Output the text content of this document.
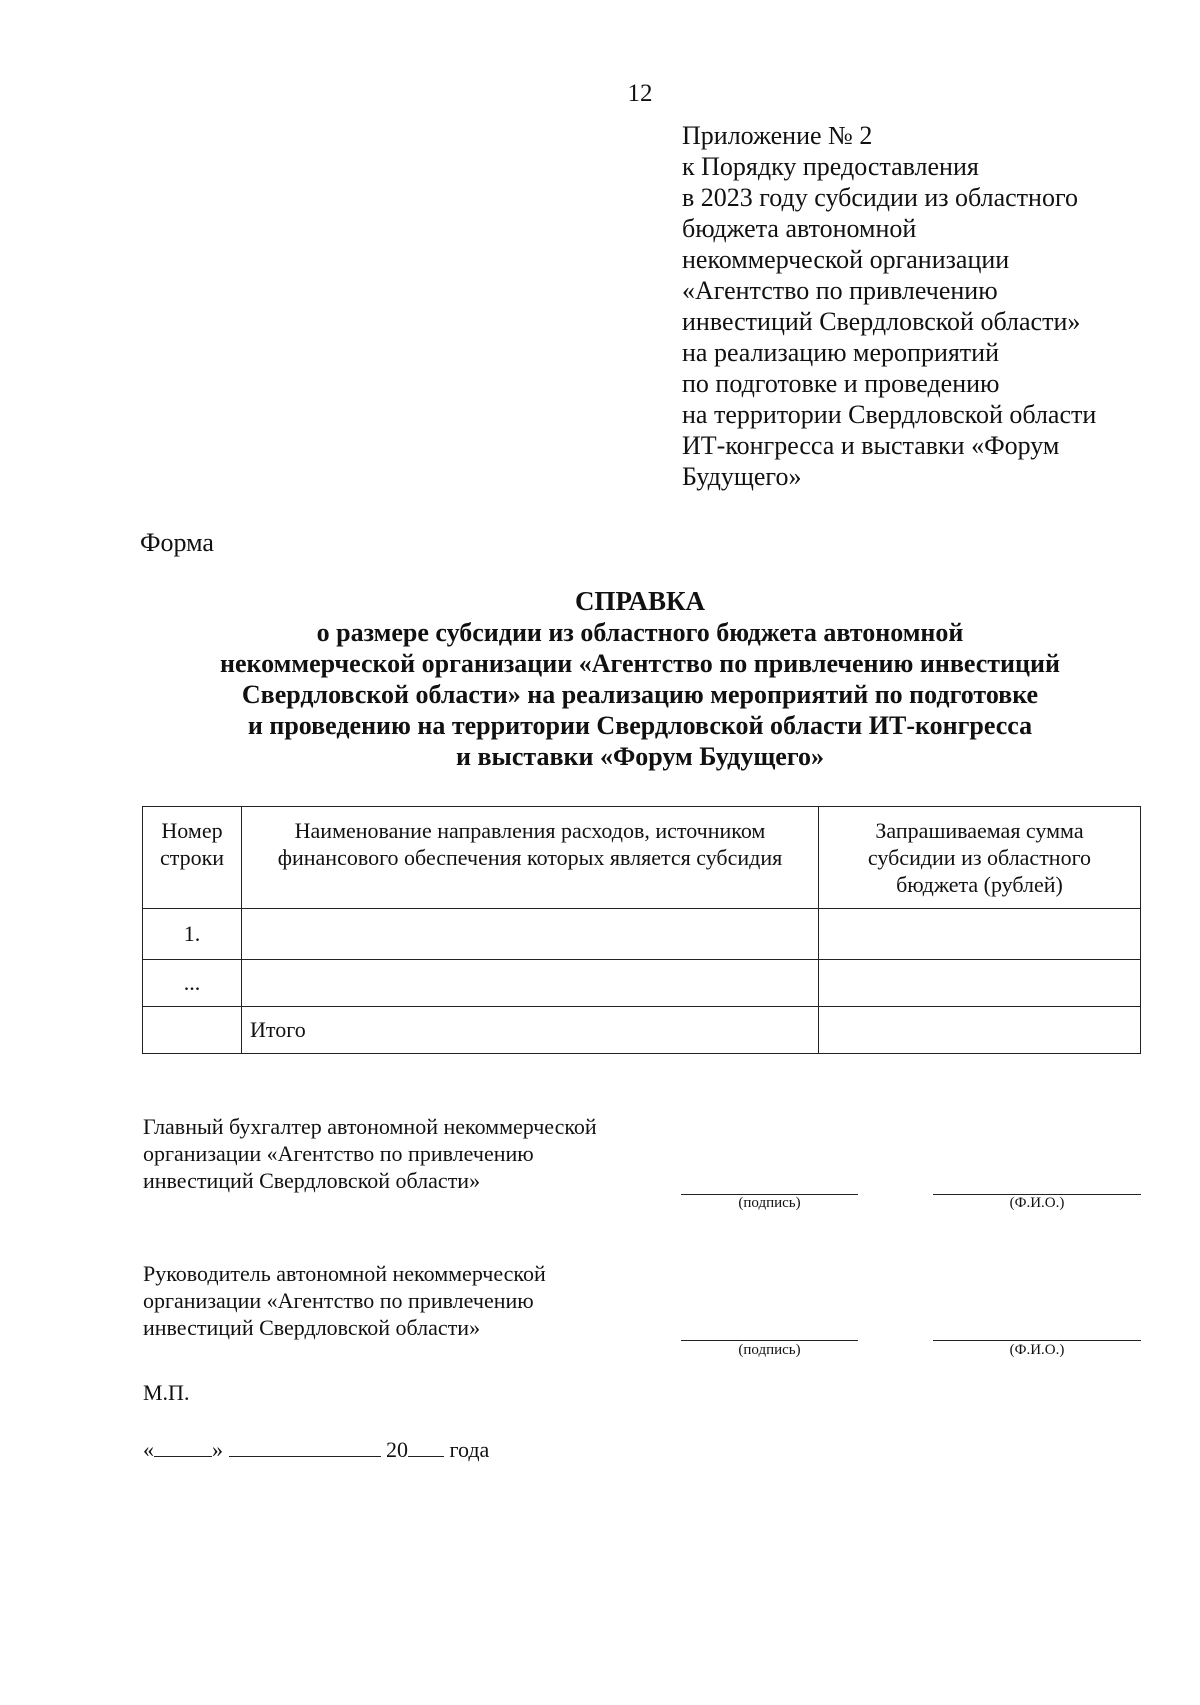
12
Приложение № 2
к Порядку предоставления
в 2023 году субсидии из областного
бюджета автономной
некоммерческой организации
«Агентство по привлечению
инвестиций Свердловской области»
на реализацию мероприятий
по подготовке и проведению
на территории Свердловской области
ИТ-конгресса и выставки «Форум
Будущего»
Форма
СПРАВКА
о размере субсидии из областного бюджета автономной
некоммерческой организации «Агентство по привлечению инвестиций
Свердловской области» на реализацию мероприятий по подготовке
и проведению на территории Свердловской области ИТ-конгресса
и выставки «Форум Будущего»
Номер строки	Наименование направления расходов, источником финансового обеспечения которых является субсидия	Запрашиваемая сумма субсидии из областного бюджета (рублей)
1.		
...		
	Итого	
Главный бухгалтер автономной некоммерческой
организации «Агентство по привлечению
инвестиций Свердловской области»
(подпись)	(Ф.И.О.)
Руководитель автономной некоммерческой
организации «Агентство по привлечению
инвестиций Свердловской области»
(подпись)	(Ф.И.О.)
М.П.
«	»	20 года
